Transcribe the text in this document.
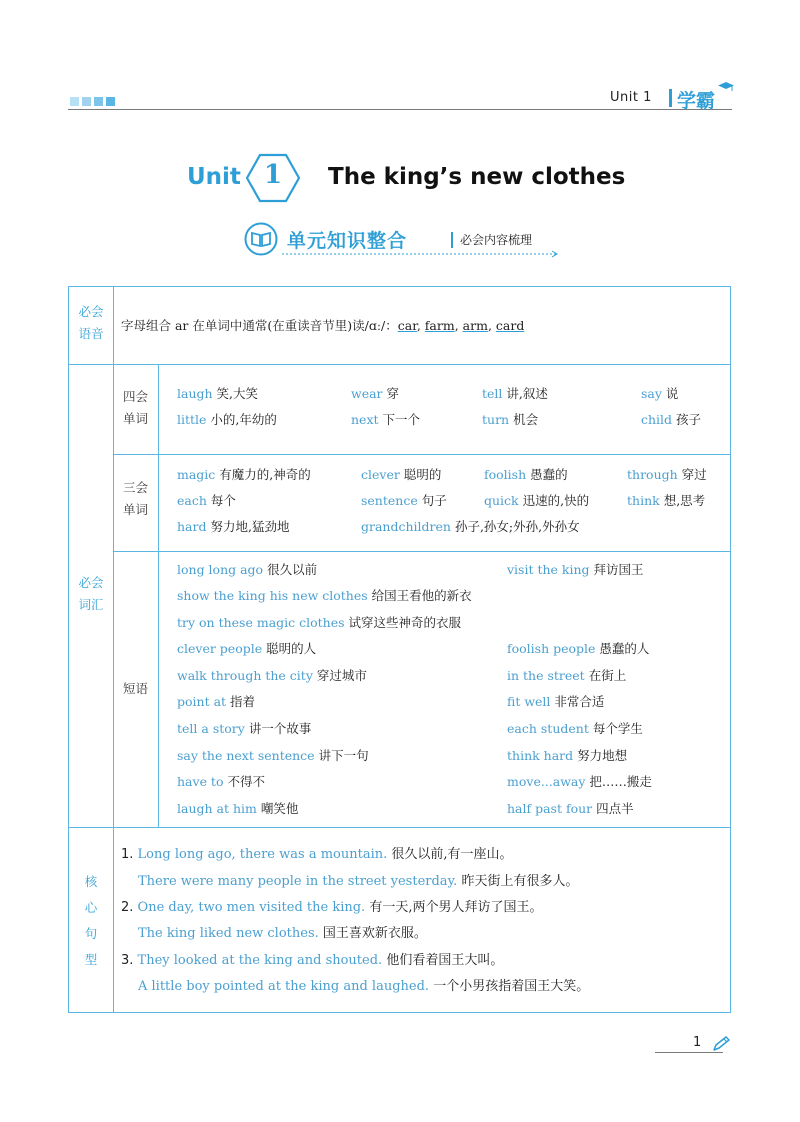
Unit 1 学霸
Unit 1	The king’s new clothes
单元知识整合	必会内容梳理
必会
语音
字母组合 ar 在单词中通常(在重读音节里)读/ɑː/：car, farm, arm, card
必会
词汇
四会
单词
laugh 笑,大笑	wear 穿	tell 讲,叙述	say 说
little 小的,年幼的	next 下一个	turn 机会	child 孩子
三会
单词
magic 有魔力的,神奇的	clever 聪明的	foolish 愚蠢的	through 穿过
each 每个	sentence 句子	quick 迅速的,快的	think 想,思考
hard 努力地,猛劲地	grandchildren 孙子,孙女;外孙,外孙女
短语
long long ago 很久以前	visit the king 拜访国王
show the king his new clothes 给国王看他的新衣
try on these magic clothes 试穿这些神奇的衣服
clever people 聪明的人	foolish people 愚蠢的人
walk through the city 穿过城市	in the street 在街上
point at 指着	fit well 非常合适
tell a story 讲一个故事	each student 每个学生
say the next sentence 讲下一句	think hard 努力地想
have to 不得不	move...away 把……搬走
laugh at him 嘲笑他	half past four 四点半
核
心
句
型
1. Long long ago, there was a mountain. 很久以前,有一座山。
There were many people in the street yesterday. 昨天街上有很多人。
2. One day, two men visited the king. 有一天,两个男人拜访了国王。
The king liked new clothes. 国王喜欢新衣服。
3. They looked at the king and shouted. 他们看着国王大叫。
A little boy pointed at the king and laughed. 一个小男孩指着国王大笑。
1
